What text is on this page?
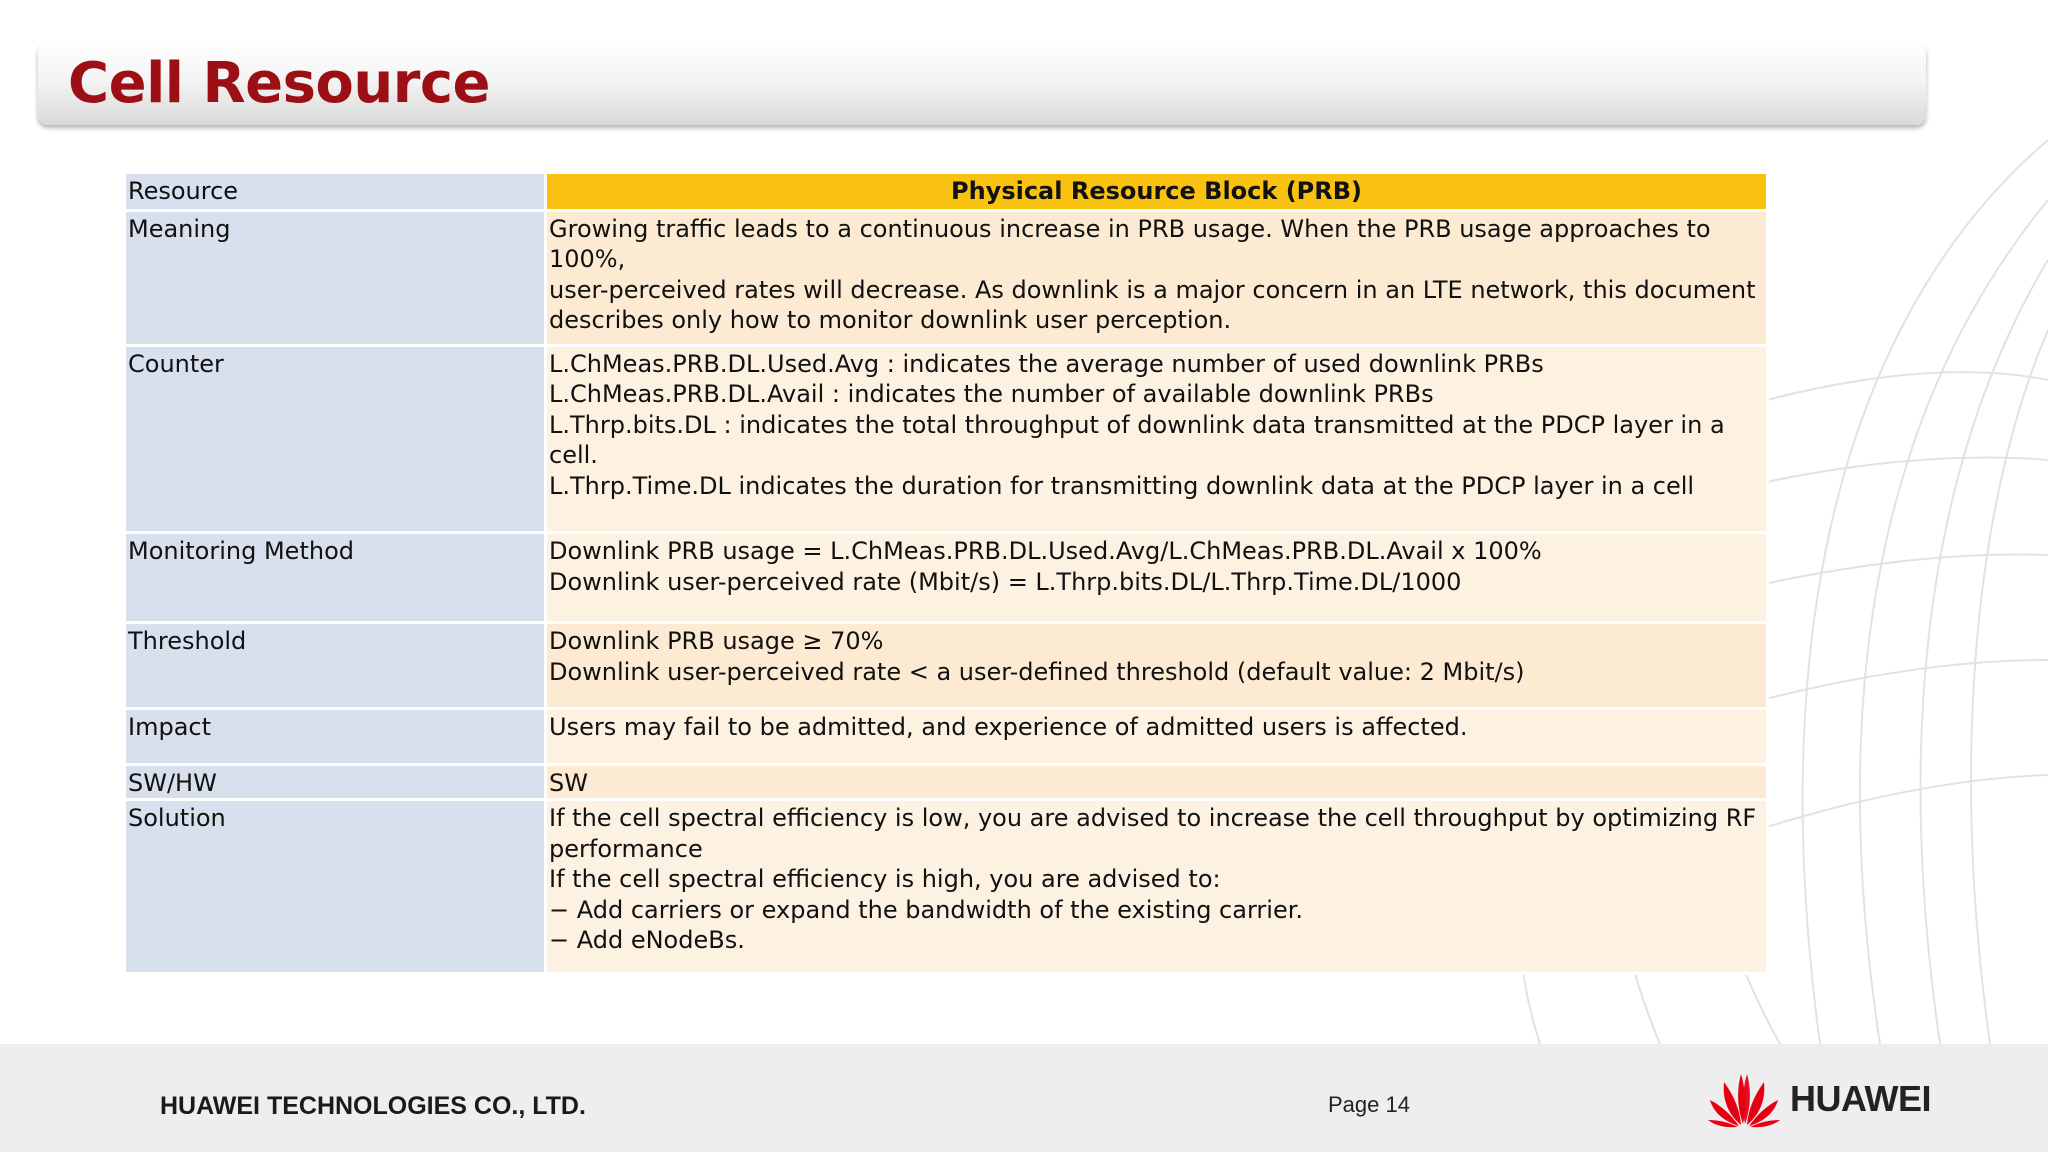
Cell Resource
Resource	Physical Resource Block (PRB)
Meaning	Growing traffic leads to a continuous increase in PRB usage. When the PRB usage approaches to 100%,
user-perceived rates will decrease. As downlink is a major concern in an LTE network, this document
describes only how to monitor downlink user perception.

Counter	L.ChMeas.PRB.DL.Used.Avg : indicates the average number of used downlink PRBs
L.ChMeas.PRB.DL.Avail : indicates the number of available downlink PRBs
L.Thrp.bits.DL : indicates the total throughput of downlink data transmitted at the PDCP layer in a cell.
L.Thrp.Time.DL indicates the duration for transmitting downlink data at the PDCP layer in a cell

Monitoring Method	Downlink PRB usage = L.ChMeas.PRB.DL.Used.Avg/L.ChMeas.PRB.DL.Avail x 100%
Downlink user-perceived rate (Mbit/s) = L.Thrp.bits.DL/L.Thrp.Time.DL/1000

Threshold	Downlink PRB usage ≥ 70%
Downlink user-perceived rate < a user-defined threshold (default value: 2 Mbit/s)

Impact	Users may fail to be admitted, and experience of admitted users is affected.

SW/HW	SW

Solution	If the cell spectral efficiency is low, you are advised to increase the cell throughput by optimizing RF
performance
If the cell spectral efficiency is high, you are advised to:
− Add carriers or expand the bandwidth of the existing carrier.
− Add eNodeBs.
HUAWEI TECHNOLOGIES CO., LTD.	Page 14	HUAWEI
